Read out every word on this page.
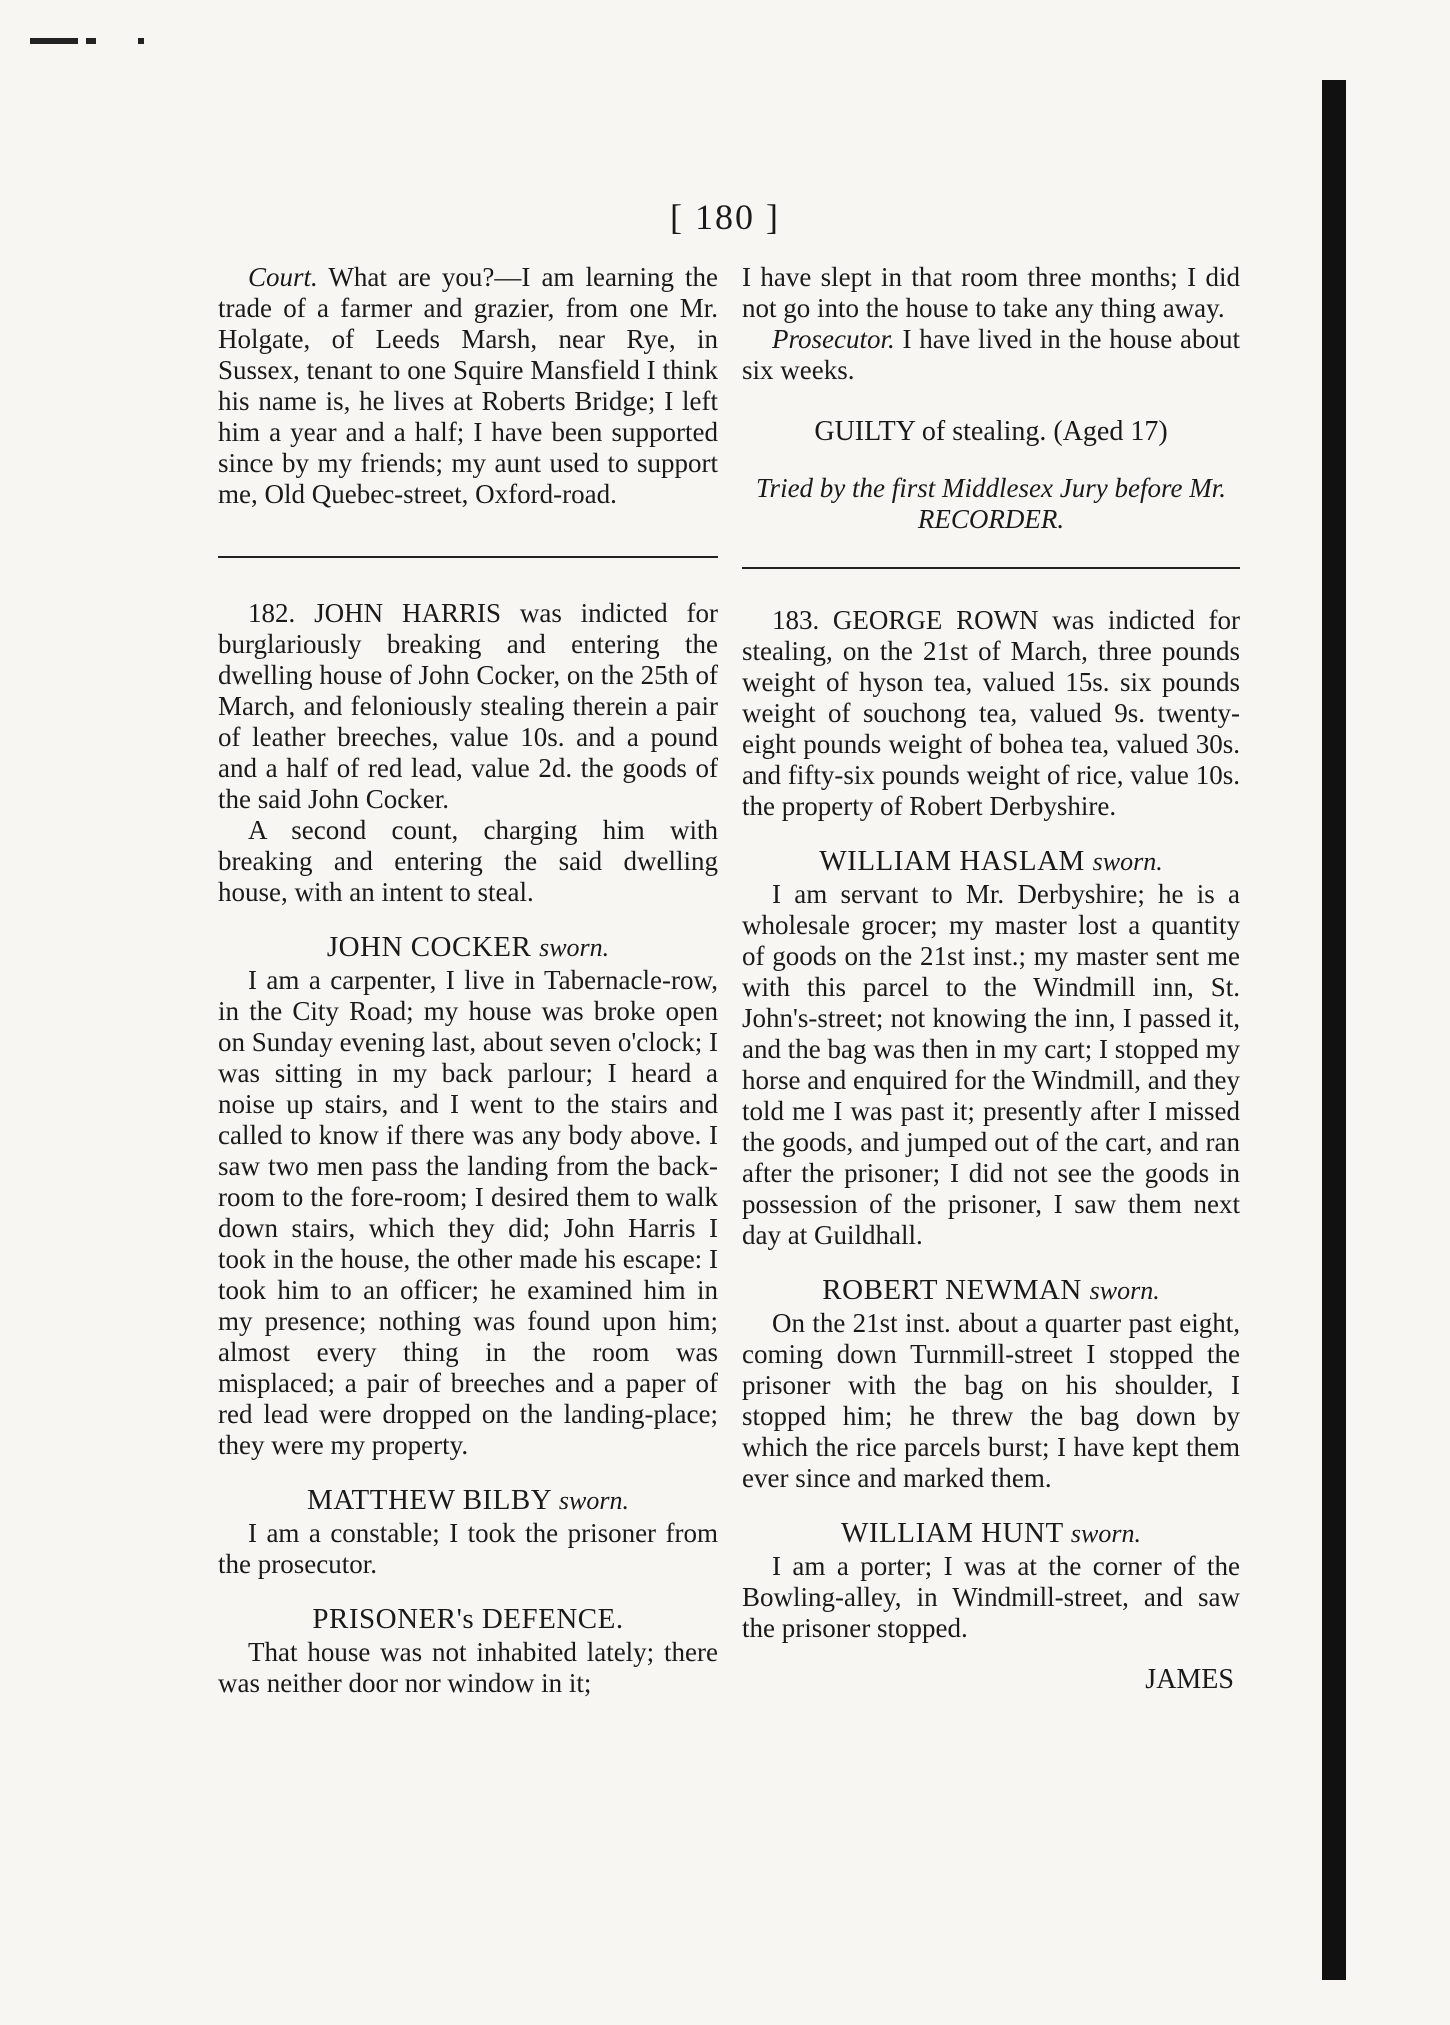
[ 180 ]

Court. What are you?—I am learning the trade of a farmer and grazier, from one Mr. Holgate, of Leeds Marsh, near Rye, in Sussex, tenant to one Squire Mansfield I think his name is, he lives at Roberts Bridge; I left him a year and a half; I have been supported since by my friends; my aunt used to support me, Old Quebec-street, Oxford-road.

182. JOHN HARRIS was indicted for burglariously breaking and entering the dwelling house of John Cocker, on the 25th of March, and feloniously stealing therein a pair of leather breeches, value 10s. and a pound and a half of red lead, value 2d. the goods of the said John Cocker.

A second count, charging him with breaking and entering the said dwelling house, with an intent to steal.

JOHN COCKER sworn.

I am a carpenter, I live in Tabernacle-row, in the City Road; my house was broke open on Sunday evening last, about seven o'clock; I was sitting in my back parlour; I heard a noise up stairs, and I went to the stairs and called to know if there was any body above. I saw two men pass the landing from the back-room to the fore-room; I desired them to walk down stairs, which they did; John Harris I took in the house, the other made his escape: I took him to an officer; he examined him in my presence; nothing was found upon him; almost every thing in the room was misplaced; a pair of breeches and a paper of red lead were dropped on the landing-place; they were my property.

MATTHEW BILBY sworn.

I am a constable; I took the prisoner from the prosecutor.

PRISONER's DEFENCE.

That house was not inhabited lately; there was neither door nor window in it;

I have slept in that room three months; I did not go into the house to take any thing away.

Prosecutor. I have lived in the house about six weeks.

GUILTY of stealing. (Aged 17)
Tried by the first Middlesex Jury before Mr. RECORDER.

183. GEORGE ROWN was indicted for stealing, on the 21st of March, three pounds weight of hyson tea, valued 15s. six pounds weight of souchong tea, valued 9s. twenty-eight pounds weight of bohea tea, valued 30s. and fifty-six pounds weight of rice, value 10s. the property of Robert Derbyshire.

WILLIAM HASLAM sworn.

I am servant to Mr. Derbyshire; he is a wholesale grocer; my master lost a quantity of goods on the 21st inst.; my master sent me with this parcel to the Windmill inn, St. John's-street; not knowing the inn, I passed it, and the bag was then in my cart; I stopped my horse and enquired for the Windmill, and they told me I was past it; presently after I missed the goods, and jumped out of the cart, and ran after the prisoner; I did not see the goods in possession of the prisoner, I saw them next day at Guildhall.

ROBERT NEWMAN sworn.

On the 21st inst. about a quarter past eight, coming down Turnmill-street I stopped the prisoner with the bag on his shoulder, I stopped him; he threw the bag down by which the rice parcels burst; I have kept them ever since and marked them.

WILLIAM HUNT sworn.

I am a porter; I was at the corner of the Bowling-alley, in Windmill-street, and saw the prisoner stopped.

JAMES
